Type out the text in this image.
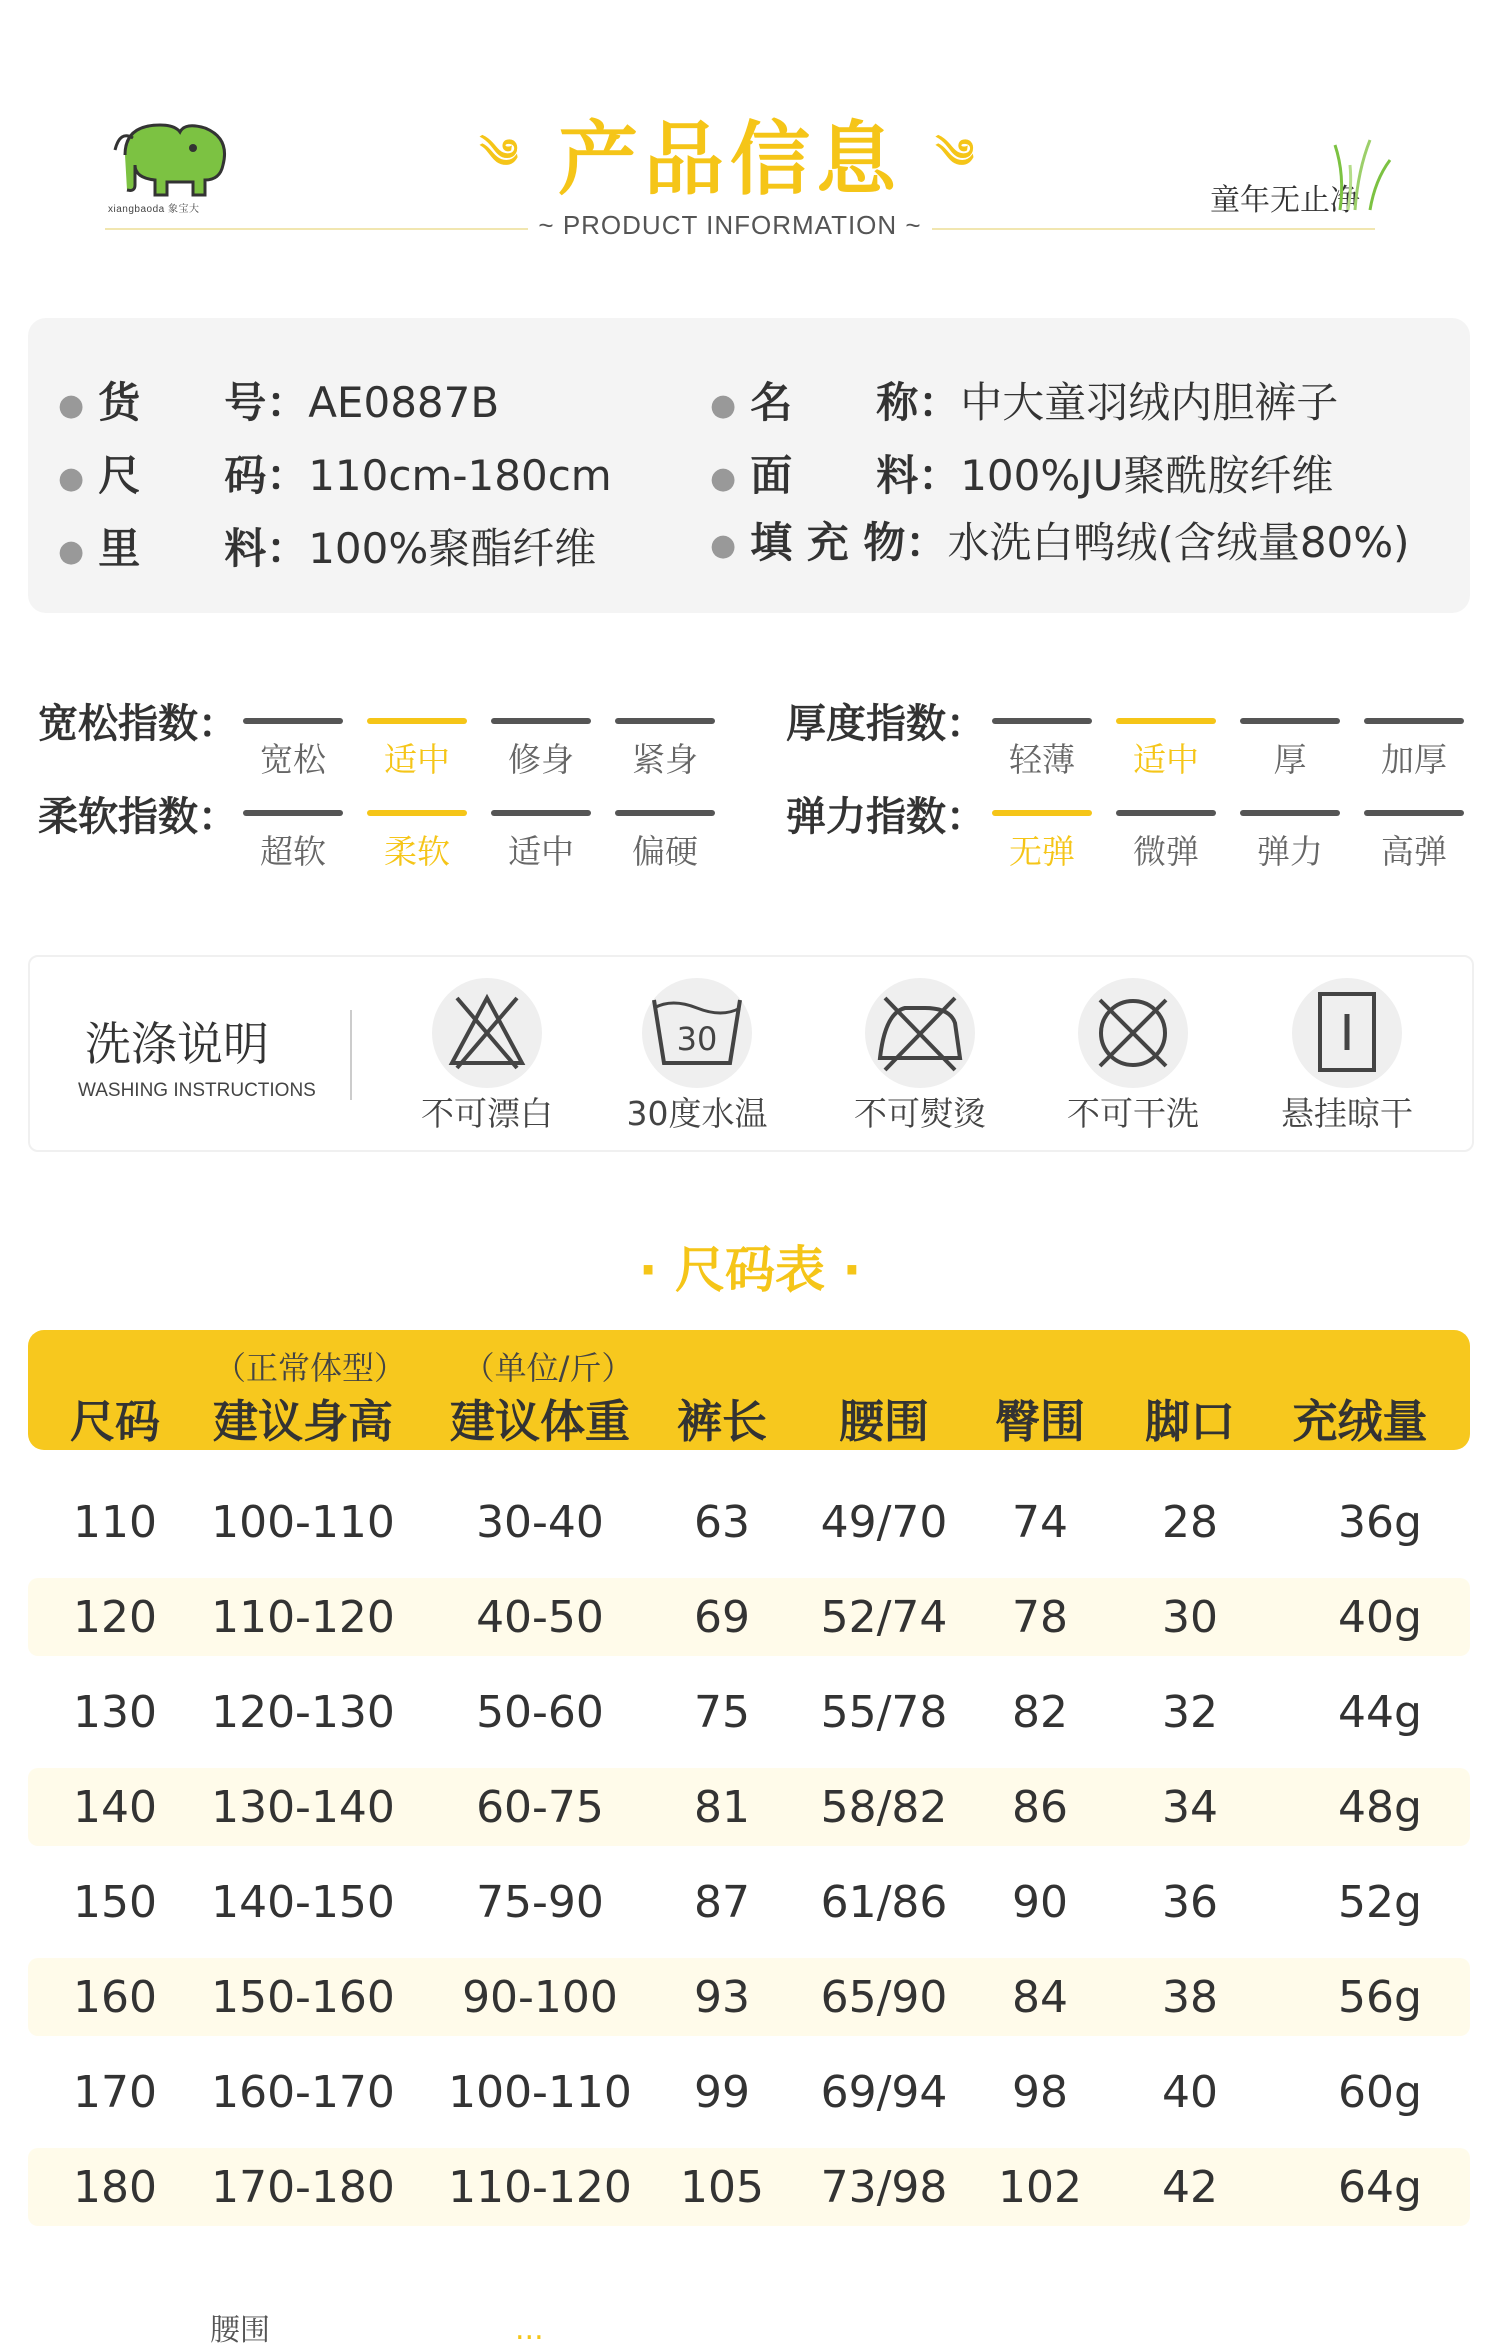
xiangbaoda 象宝大
༄ 产品信息 ༄
~ PRODUCT INFORMATION ~
童年无止净
● 货　　号：AE0887B
● 尺　　码：110cm-180cm
● 里　　料：100%聚酯纤维
● 名　　称：中大童羽绒内胆裤子
● 面　　料：100%JU聚酰胺纤维
● 填 充 物：水洗白鸭绒(含绒量80%)
宽松指数：
宽松	适中	修身	紧身
厚度指数：
轻薄	适中	厚	加厚
柔软指数：
超软	柔软	适中	偏硬
弹力指数：
无弹	微弹	弹力	高弹
洗涤说明
WASHING INSTRUCTIONS
不可漂白
30
30度水温	不可熨烫	不可干洗	悬挂晾干
· 尺码表 ·
（正常体型）	（单位/斤）
尺码	建议身高	建议体重	裤长	腰围	臀围	脚口	充绒量
110	100-110	30-40	63	49/70	74	28	36g
120	110-120	40-50	69	52/74	78	30	40g
130	120-130	50-60	75	55/78	82	32	44g
140	130-140	60-75	81	58/82	86	34	48g
150	140-150	75-90	87	61/86	90	36	52g
160	150-160	90-100	93	65/90	84	38	56g
170	160-170	100-110	99	69/94	98	40	60g
180	170-180	110-120	105	73/98	102	42	64g
腰围	...
